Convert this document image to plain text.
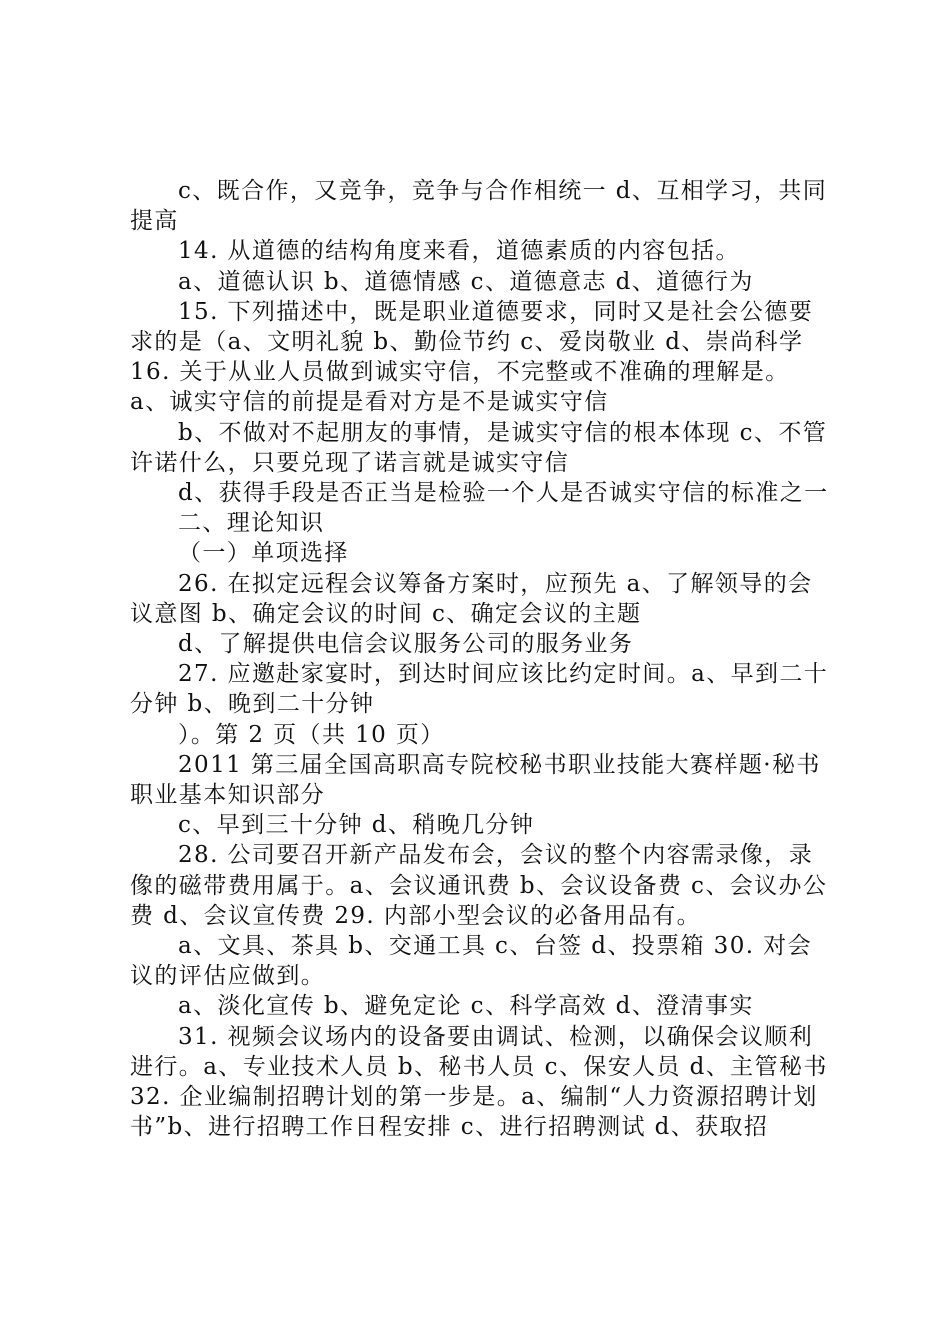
c、既合作，又竞争，竞争与合作相统一 d、互相学习，共同提高

14. 从道德的结构角度来看，道德素质的内容包括。

a、道德认识 b、道德情感 c、道德意志 d、道德行为

15. 下列描述中，既是职业道德要求，同时又是社会公德要求的是（a、文明礼貌 b、勤俭节约 c、爱岗敬业 d、崇尚科学

16. 关于从业人员做到诚实守信，不完整或不准确的理解是。

a、诚实守信的前提是看对方是不是诚实守信

b、不做对不起朋友的事情，是诚实守信的根本体现 c、不管许诺什么，只要兑现了诺言就是诚实守信

d、获得手段是否正当是检验一个人是否诚实守信的标准之一

二、理论知识

（一）单项选择

26. 在拟定远程会议筹备方案时，应预先 a、了解领导的会议意图 b、确定会议的时间 c、确定会议的主题

d、了解提供电信会议服务公司的服务业务

27. 应邀赴家宴时，到达时间应该比约定时间。a、早到二十分钟 b、晚到二十分钟

）。第 2 页（共 10 页）

2011 第三届全国高职高专院校秘书职业技能大赛样题·秘书职业基本知识部分

c、早到三十分钟 d、稍晚几分钟

28. 公司要召开新产品发布会，会议的整个内容需录像，录像的磁带费用属于。a、会议通讯费 b、会议设备费 c、会议办公费 d、会议宣传费 29. 内部小型会议的必备用品有。

a、文具、茶具 b、交通工具 c、台签 d、投票箱 30. 对会议的评估应做到。

a、淡化宣传 b、避免定论 c、科学高效 d、澄清事实

31. 视频会议场内的设备要由调试、检测，以确保会议顺利进行。a、专业技术人员 b、秘书人员 c、保安人员 d、主管秘书 32. 企业编制招聘计划的第一步是。a、编制“人力资源招聘计划书”b、进行招聘工作日程安排 c、进行招聘测试 d、获取招
